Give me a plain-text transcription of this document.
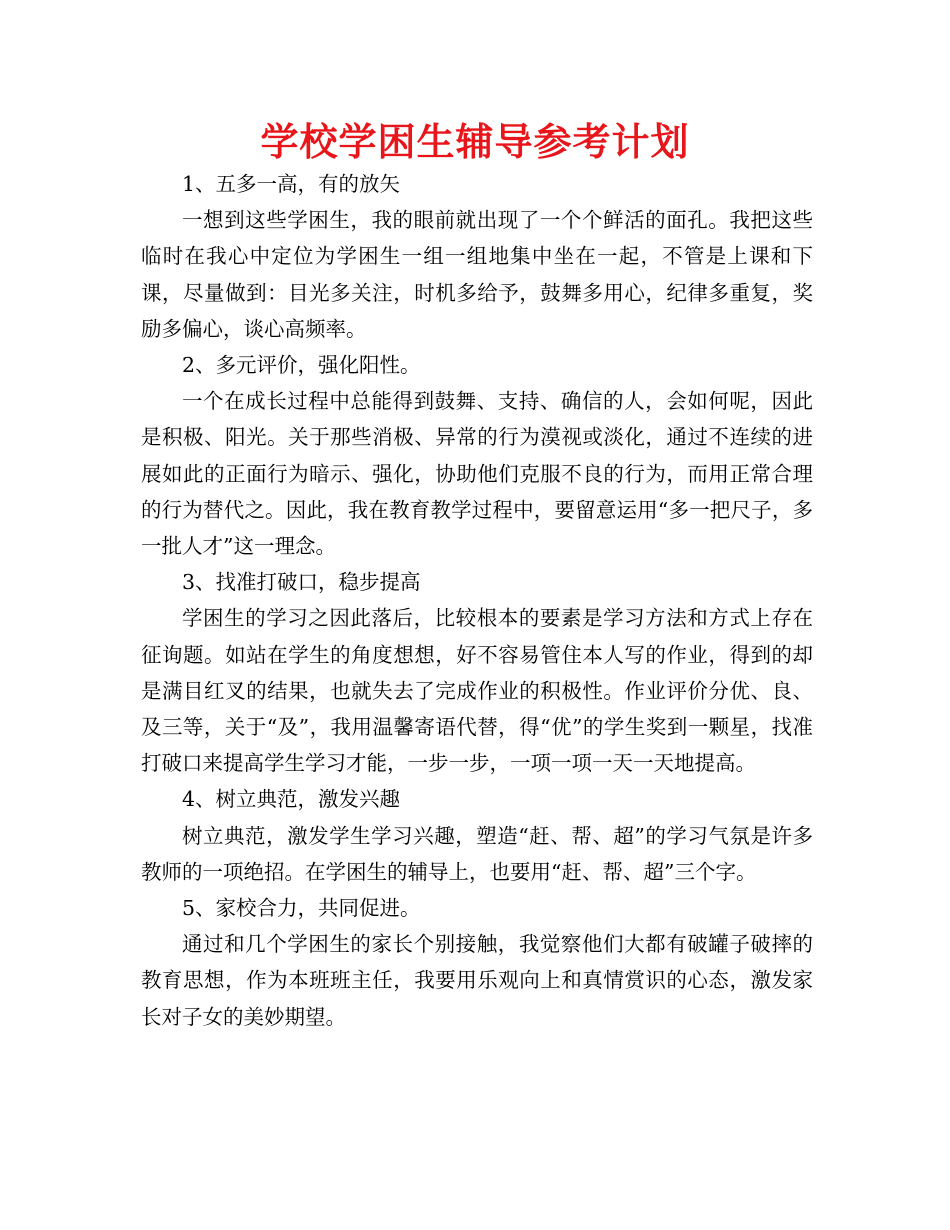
学校学困生辅导参考计划

1、五多一高，有的放矢

一想到这些学困生，我的眼前就出现了一个个鲜活的面孔。我把这些临时在我心中定位为学困生一组一组地集中坐在一起，不管是上课和下课，尽量做到：目光多关注，时机多给予，鼓舞多用心，纪律多重复，奖励多偏心，谈心高频率。

2、多元评价，强化阳性。

一个在成长过程中总能得到鼓舞、支持、确信的人，会如何呢，因此是积极、阳光。关于那些消极、异常的行为漠视或淡化，通过不连续的进展如此的正面行为暗示、强化，协助他们克服不良的行为，而用正常合理的行为替代之。因此，我在教育教学过程中，要留意运用“多一把尺子，多一批人才”这一理念。

3、找准打破口，稳步提高

学困生的学习之因此落后，比较根本的要素是学习方法和方式上存在征询题。如站在学生的角度想想，好不容易管住本人写的作业，得到的却是满目红叉的结果，也就失去了完成作业的积极性。作业评价分优、良、及三等，关于“及”，我用温馨寄语代替，得“优”的学生奖到一颗星，找准打破口来提高学生学习才能，一步一步，一项一项一天一天地提高。

4、树立典范，激发兴趣

树立典范，激发学生学习兴趣，塑造“赶、帮、超”的学习气氛是许多教师的一项绝招。在学困生的辅导上，也要用“赶、帮、超”三个字。

5、家校合力，共同促进。

通过和几个学困生的家长个别接触，我觉察他们大都有破罐子破摔的教育思想，作为本班班主任，我要用乐观向上和真情赏识的心态，激发家长对子女的美妙期望。
